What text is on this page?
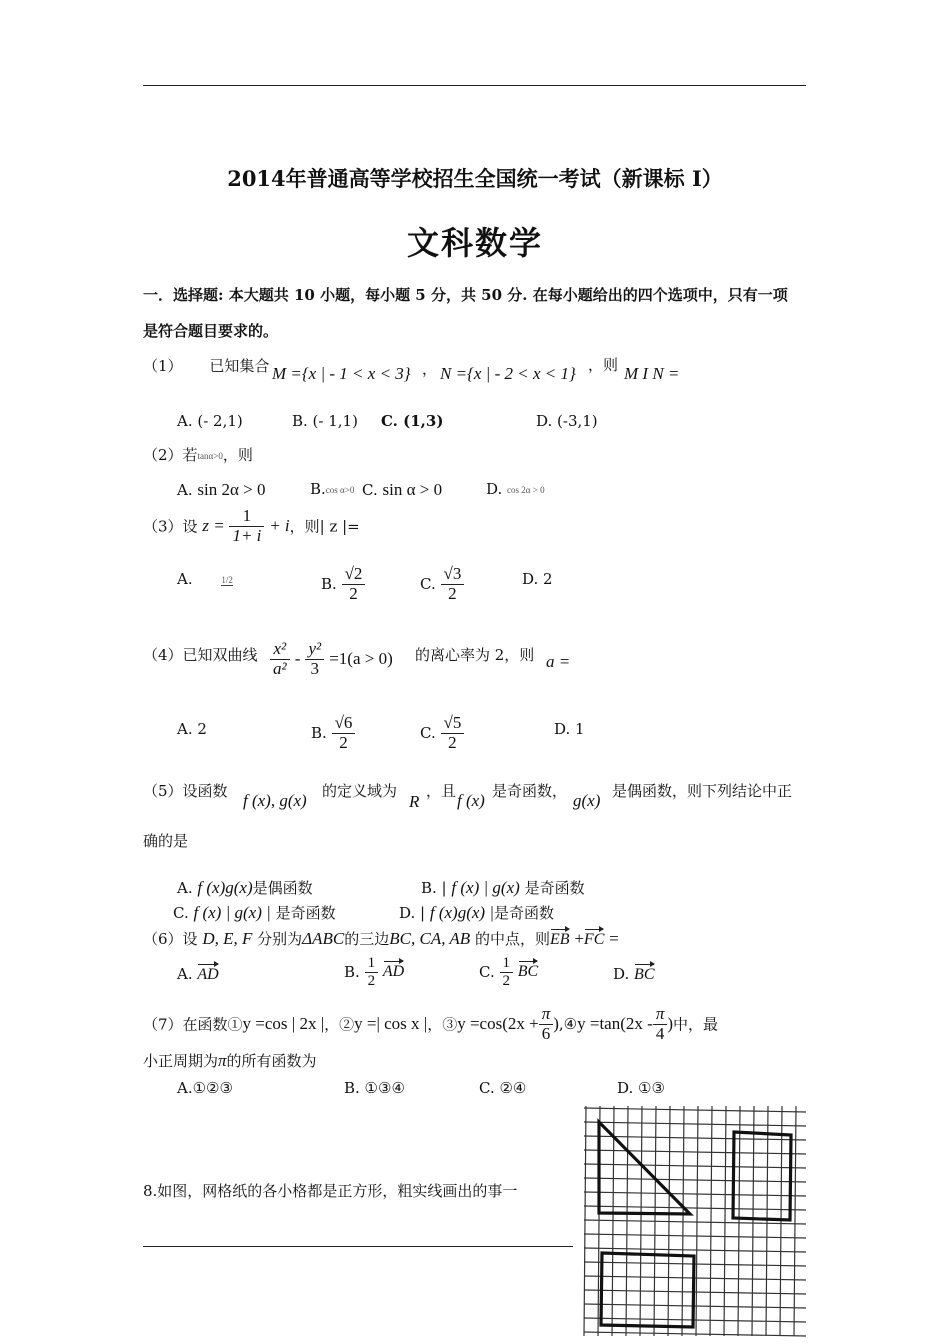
2014年普通高等学校招生全国统一考试（新课标 I）
文科数学
一．选择题: 本大题共 10 小题，每小题 5 分，共 50 分. 在每小题给出的四个选项中，只有一项
是符合题目要求的。
（1） 已知集合 M ={x | - 1 < x < 3} ， N ={x | - 2 < x < 1} ，则 M I N =
A. (- 2,1)	B. (- 1,1) C. (1,3)	D. (-3,1)
（2）若tanα>0，则
A. sin 2α > 0	B.cos α>0 C. sin α > 0	D. cos 2α > 0
（3）设 $z = \frac{1}{1+ i} + i$，则| z |=
A.	1/2	B. $\frac{√2}{2}$	C. $\frac{√3}{2}$	D. 2
（4）已知双曲线 $\frac{\text{x²}}{\text{a²}} - \frac{\text{y²}}{3} =1(a > 0)$ 的离心率为 2，则 a =
A. 2	B. $\frac{√6}{2}$	C. $\frac{√5}{2}$	D. 1
（5）设函数 f (x), g(x) 的定义域为
R
，且 f (x) 是奇函数， g(x) 是偶函数，则下列结论中正
确的是
A. f (x)g(x)是偶函数	B. | f (x) | g(x) 是奇函数
C. f (x) | g(x) | 是奇函数	D. | f (x)g(x) |是奇函数
（6）设 D, E, F 分别为ΔABC的三边BC, CA, AB 的中点，则EB +FC =
A. AD	B. $\frac{1}{2}$ AD	C. $\frac{1}{2}$ BC	D. BC
（7）在函数①y =cos | 2x |，②y =| cos x |，③y $=\cos(2x + \frac{\pi}{6}$ ),④y $=\tan(2x - \frac{\pi}{4}$ )中，最
小正周期为π的所有函数为
A.①②③	B. ①③④	C. ②④	D. ①③
8.如图，网格纸的各小格都是正方形，粗实线画出的事一
